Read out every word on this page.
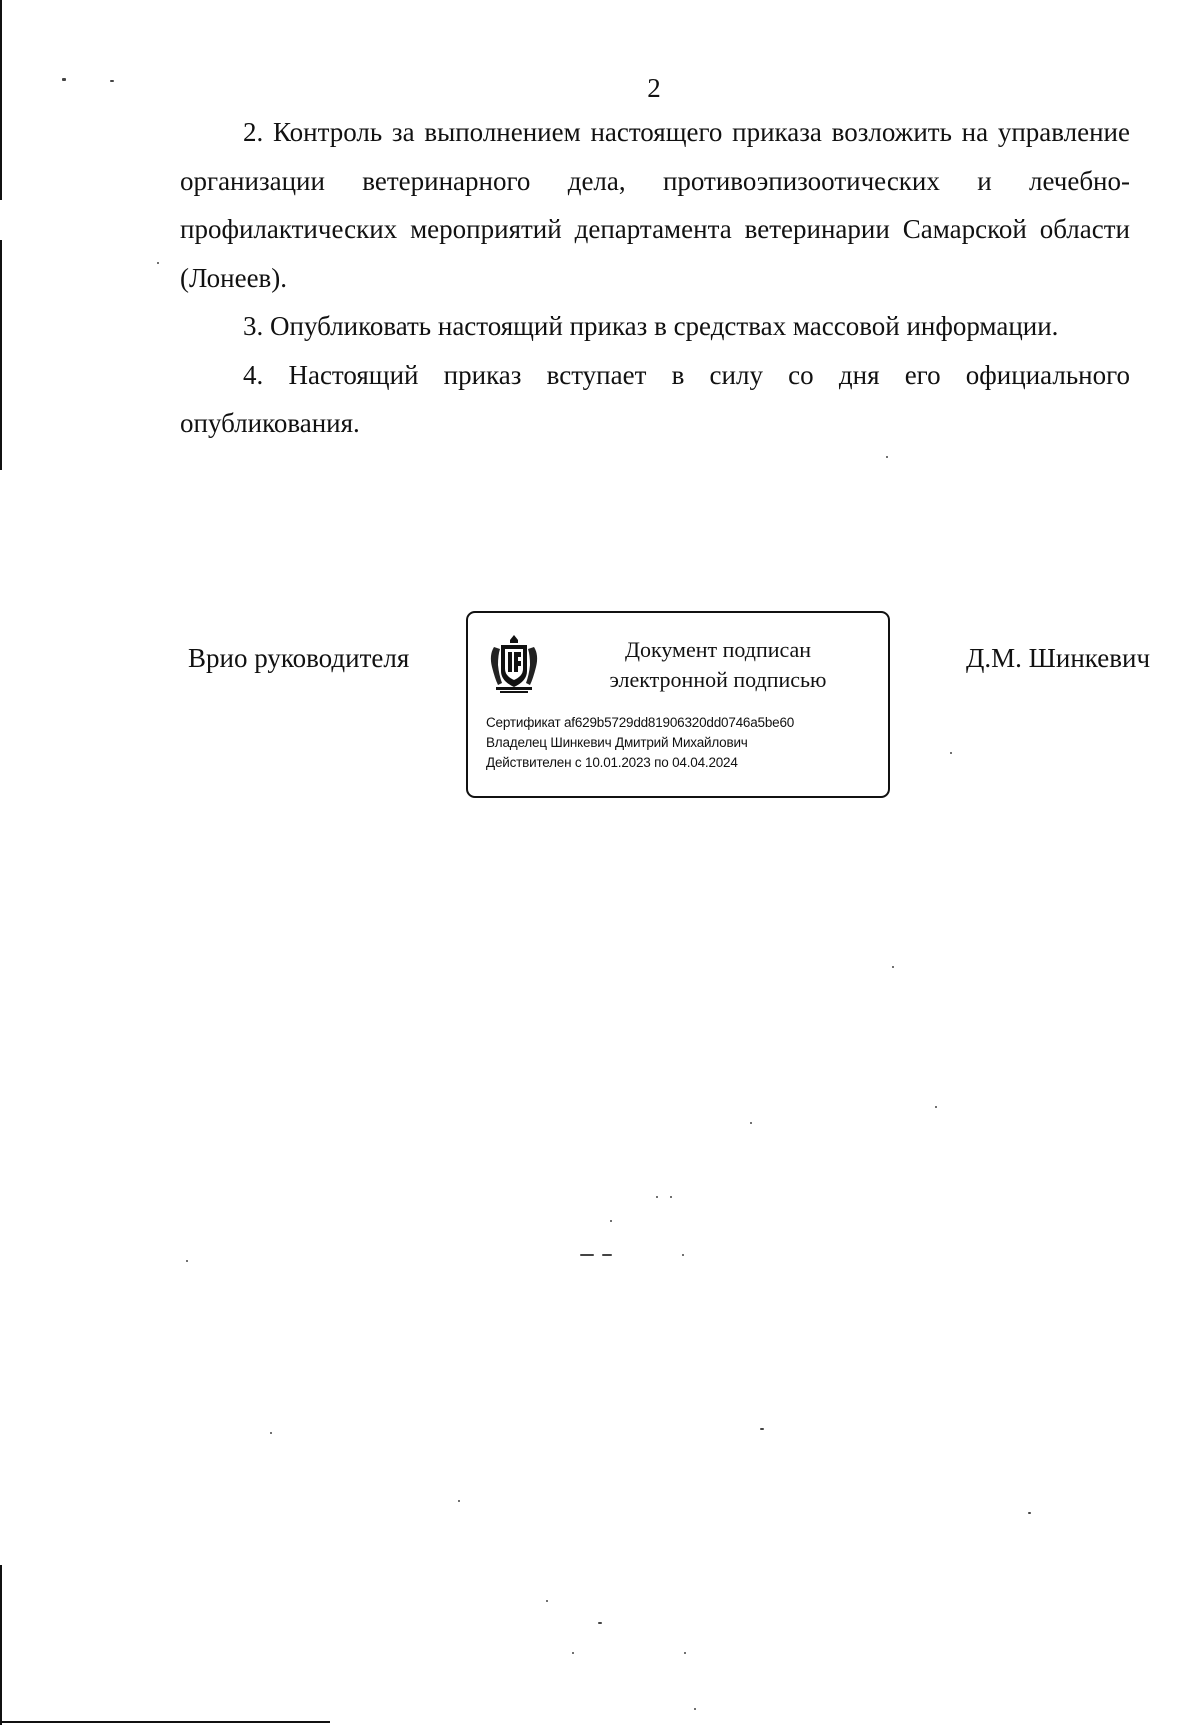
2

2. Контроль за выполнением настоящего приказа возложить на управление организации ветеринарного дела, противоэпизоотических и лечебно-профилактических мероприятий департамента ветеринарии Самарской области (Лонеев).

3. Опубликовать настоящий приказ в средствах массовой информации.

4. Настоящий приказ вступает в силу со дня его официального опубликования.

Врио руководителя	Документ подписан
электронной подписью
Сертификат af629b5729dd81906320dd0746a5be60
Владелец Шинкевич Дмитрий Михайлович
Действителен с 10.01.2023 по 04.04.2024
Д.М. Шинкевич
